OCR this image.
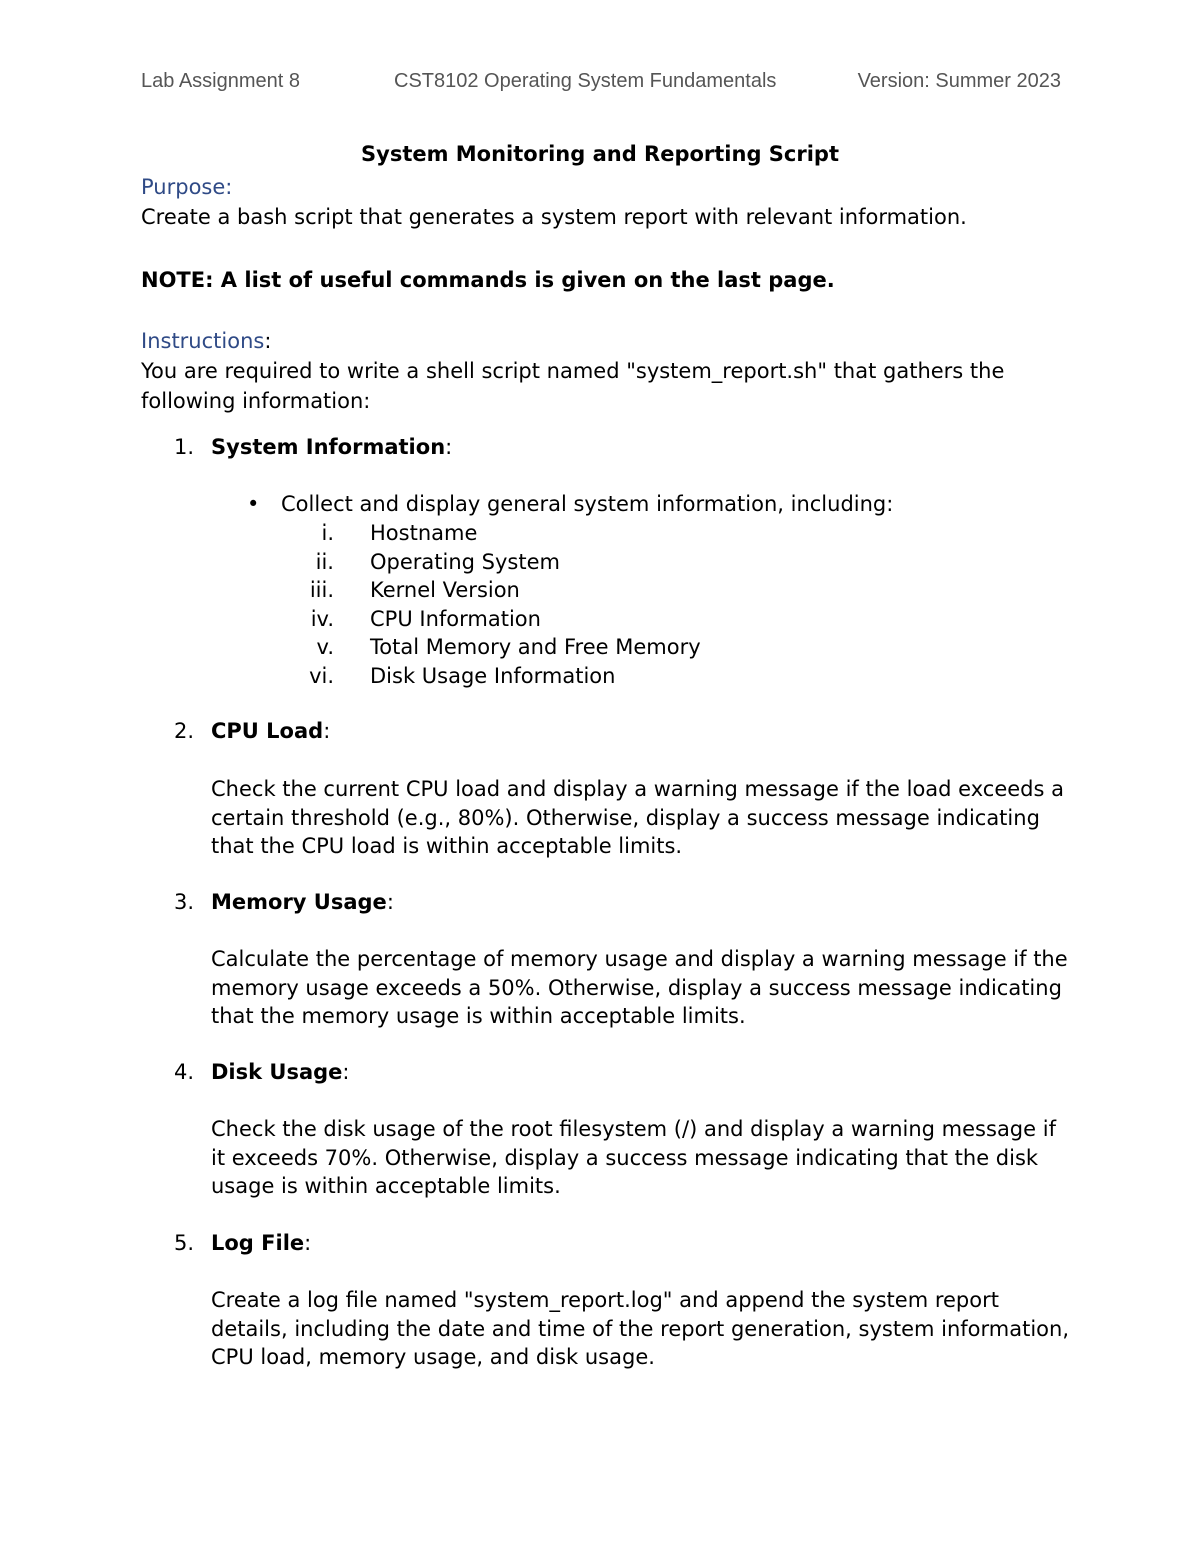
Lab Assignment 8	CST8102 Operating System Fundamentals	Version: Summer 2023
System Monitoring and Reporting Script
Purpose:
Create a bash script that generates a system report with relevant information.
NOTE: A list of useful commands is given on the last page.
Instructions:
You are required to write a shell script named "system_report.sh" that gathers the
following information:
1. System Information:
• Collect and display general system information, including:
i. Hostname
ii. Operating System
iii. Kernel Version
iv. CPU Information
v. Total Memory and Free Memory
vi. Disk Usage Information
2. CPU Load:
Check the current CPU load and display a warning message if the load exceeds a
certain threshold (e.g., 80%). Otherwise, display a success message indicating
that the CPU load is within acceptable limits.
3. Memory Usage:
Calculate the percentage of memory usage and display a warning message if the
memory usage exceeds a 50%. Otherwise, display a success message indicating
that the memory usage is within acceptable limits.
4. Disk Usage:
Check the disk usage of the root filesystem (/) and display a warning message if
it exceeds 70%. Otherwise, display a success message indicating that the disk
usage is within acceptable limits.
5. Log File:
Create a log file named "system_report.log" and append the system report
details, including the date and time of the report generation, system information,
CPU load, memory usage, and disk usage.
